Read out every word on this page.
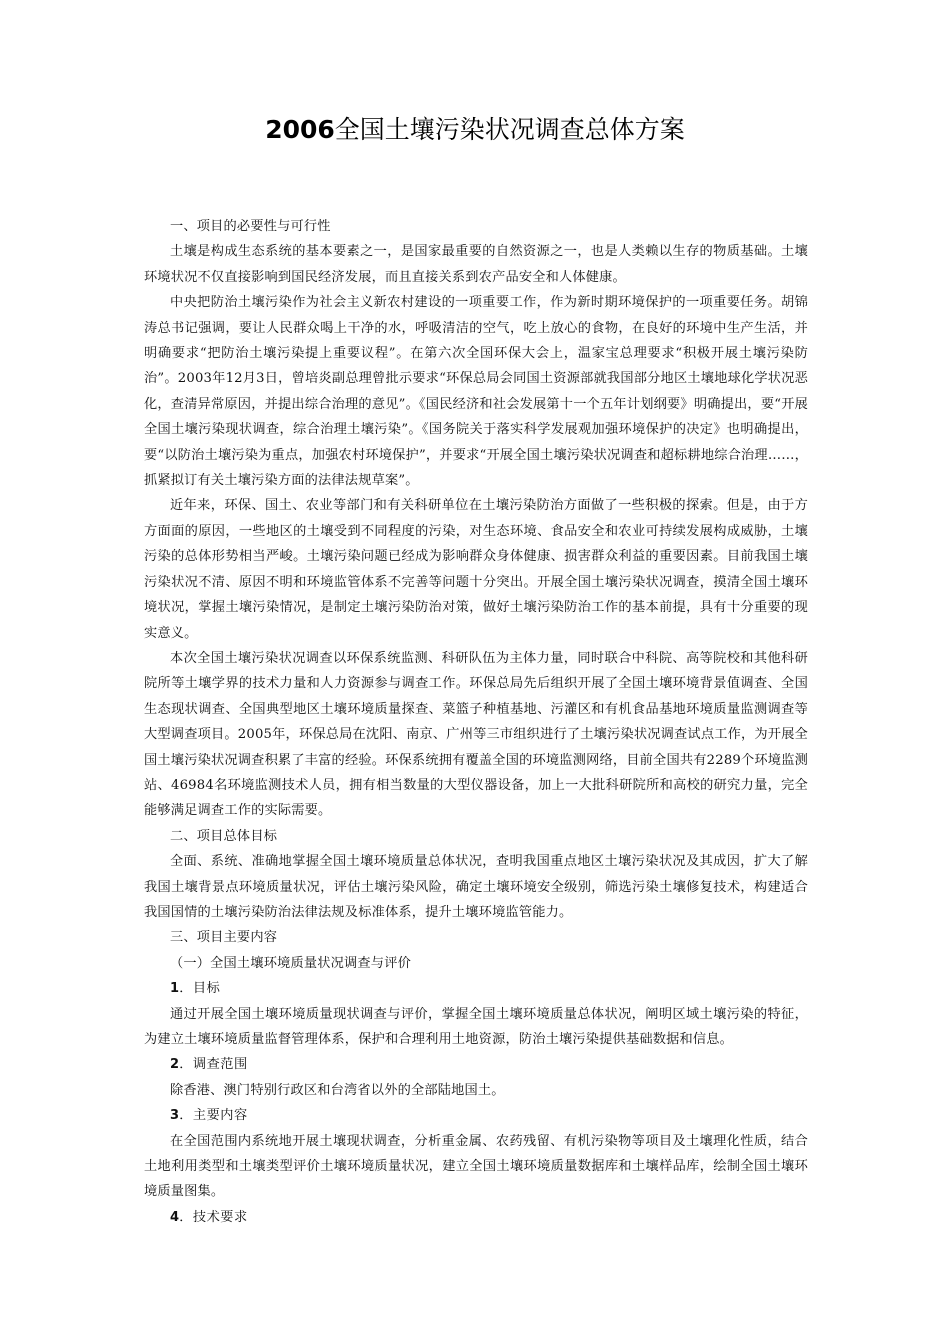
2006全国土壤污染状况调查总体方案

一、项目的必要性与可行性

土壤是构成生态系统的基本要素之一，是国家最重要的自然资源之一，也是人类赖以生存的物质基础。土壤环境状况不仅直接影响到国民经济发展，而且直接关系到农产品安全和人体健康。

中央把防治土壤污染作为社会主义新农村建设的一项重要工作，作为新时期环境保护的一项重要任务。胡锦涛总书记强调，要让人民群众喝上干净的水，呼吸清洁的空气，吃上放心的食物，在良好的环境中生产生活，并明确要求“把防治土壤污染提上重要议程”。在第六次全国环保大会上，温家宝总理要求“积极开展土壤污染防治”。2003年12月3日，曾培炎副总理曾批示要求“环保总局会同国土资源部就我国部分地区土壤地球化学状况恶化，查清异常原因，并提出综合治理的意见”。《国民经济和社会发展第十一个五年计划纲要》明确提出，要“开展全国土壤污染现状调查，综合治理土壤污染”。《国务院关于落实科学发展观加强环境保护的决定》也明确提出，要“以防治土壤污染为重点，加强农村环境保护”，并要求“开展全国土壤污染状况调查和超标耕地综合治理……，抓紧拟订有关土壤污染方面的法律法规草案”。

近年来，环保、国土、农业等部门和有关科研单位在土壤污染防治方面做了一些积极的探索。但是，由于方方面面的原因，一些地区的土壤受到不同程度的污染，对生态环境、食品安全和农业可持续发展构成威胁，土壤污染的总体形势相当严峻。土壤污染问题已经成为影响群众身体健康、损害群众利益的重要因素。目前我国土壤污染状况不清、原因不明和环境监管体系不完善等问题十分突出。开展全国土壤污染状况调查，摸清全国土壤环境状况，掌握土壤污染情况，是制定土壤污染防治对策，做好土壤污染防治工作的基本前提，具有十分重要的现实意义。

本次全国土壤污染状况调查以环保系统监测、科研队伍为主体力量，同时联合中科院、高等院校和其他科研院所等土壤学界的技术力量和人力资源参与调查工作。环保总局先后组织开展了全国土壤环境背景值调查、全国生态现状调查、全国典型地区土壤环境质量探查、菜篮子种植基地、污灌区和有机食品基地环境质量监测调查等大型调查项目。2005年，环保总局在沈阳、南京、广州等三市组织进行了土壤污染状况调查试点工作，为开展全国土壤污染状况调查积累了丰富的经验。环保系统拥有覆盖全国的环境监测网络，目前全国共有2289个环境监测站、46984名环境监测技术人员，拥有相当数量的大型仪器设备，加上一大批科研院所和高校的研究力量，完全能够满足调查工作的实际需要。

二、项目总体目标

全面、系统、准确地掌握全国土壤环境质量总体状况，查明我国重点地区土壤污染状况及其成因，扩大了解我国土壤背景点环境质量状况，评估土壤污染风险，确定土壤环境安全级别，筛选污染土壤修复技术，构建适合我国国情的土壤污染防治法律法规及标准体系，提升土壤环境监管能力。

三、项目主要内容

（一）全国土壤环境质量状况调查与评价

1．目标

通过开展全国土壤环境质量现状调查与评价，掌握全国土壤环境质量总体状况，阐明区域土壤污染的特征，为建立土壤环境质量监督管理体系，保护和合理利用土地资源，防治土壤污染提供基础数据和信息。

2．调查范围

除香港、澳门特别行政区和台湾省以外的全部陆地国土。

3．主要内容

在全国范围内系统地开展土壤现状调查，分析重金属、农药残留、有机污染物等项目及土壤理化性质，结合土地利用类型和土壤类型评价土壤环境质量状况，建立全国土壤环境质量数据库和土壤样品库，绘制全国土壤环境质量图集。

4．技术要求
